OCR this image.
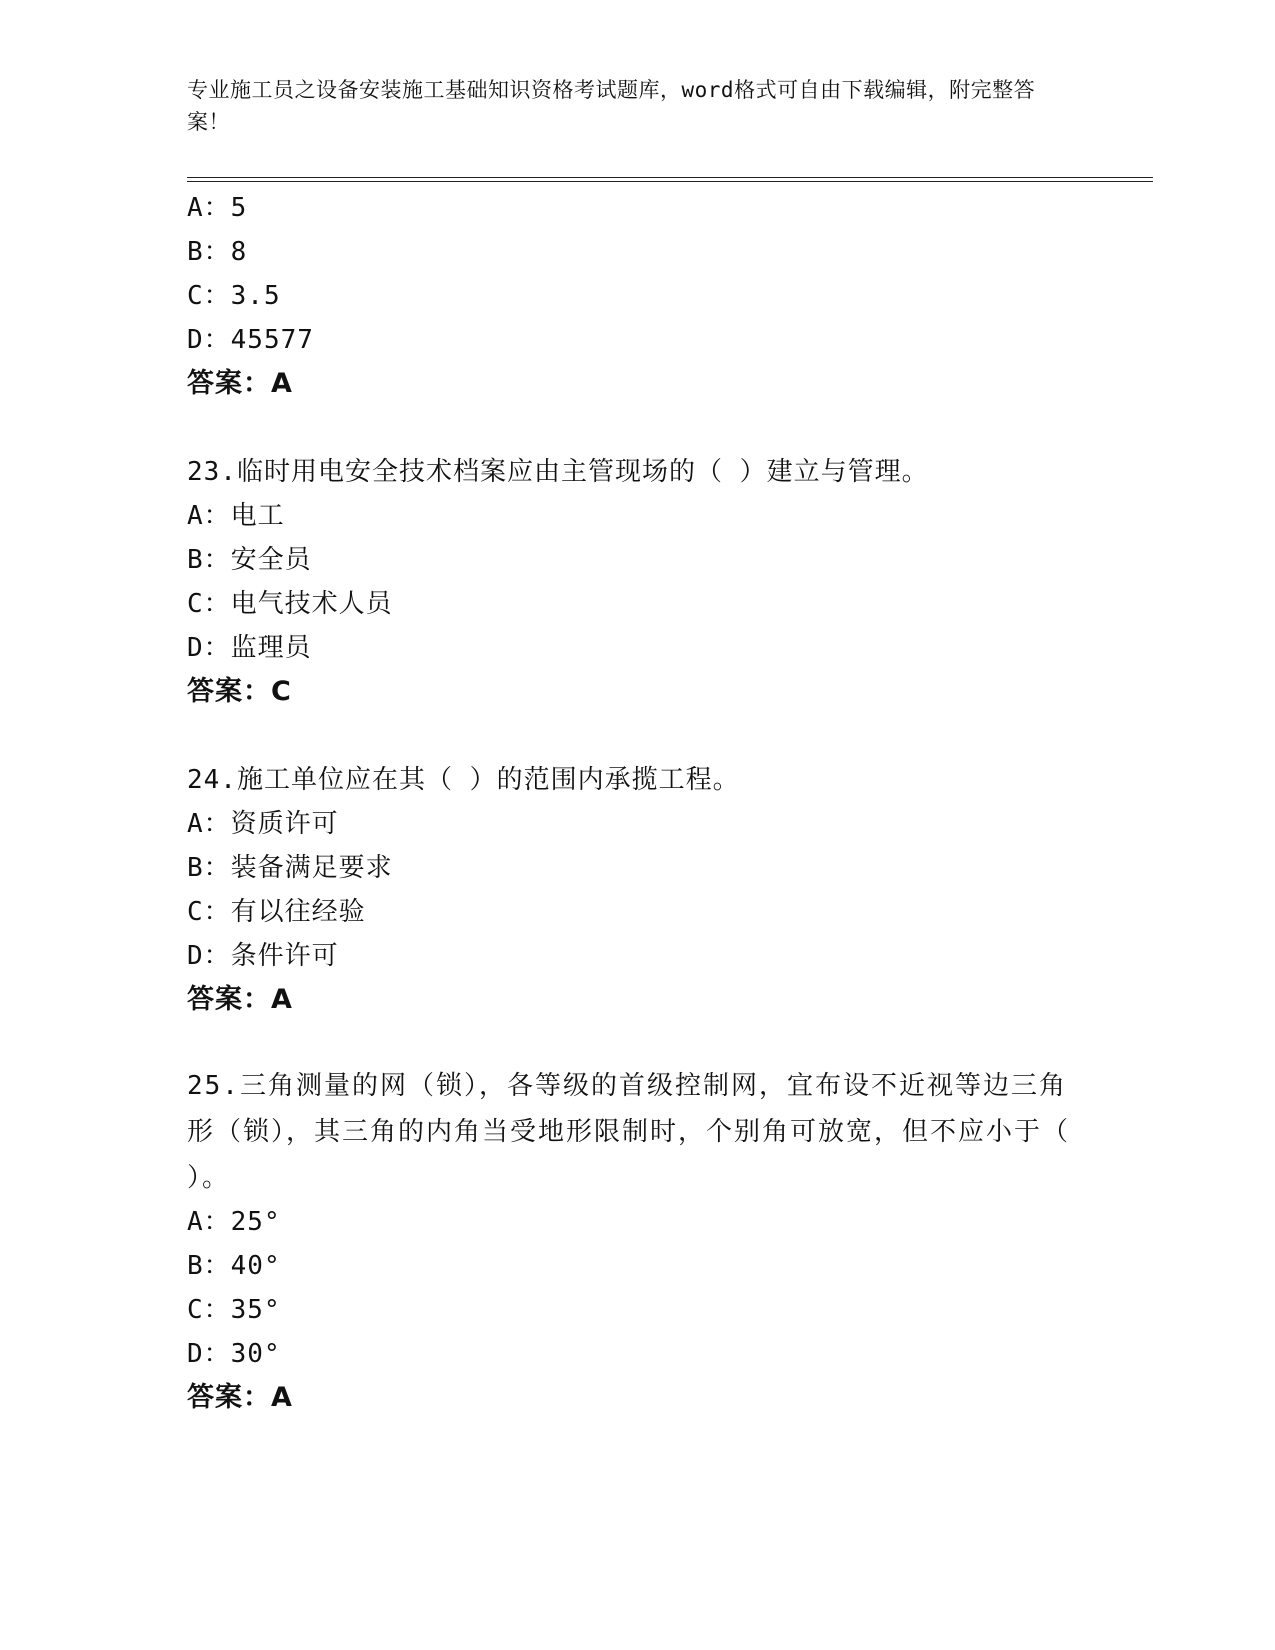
专业施工员之设备安装施工基础知识资格考试题库，word格式可自由下载编辑，附完整答案！
A：5
B：8
C：3.5
D：45577
答案：A
23.临时用电安全技术档案应由主管现场的（ ）建立与管理。
A：电工
B：安全员
C：电气技术人员
D：监理员
答案：C
24.施工单位应在其（ ）的范围内承揽工程。
A：资质许可
B：装备满足要求
C：有以往经验
D：条件许可
答案：A
25.三角测量的网（锁），各等级的首级控制网，宜布设不近视等边三角形（锁），其三角的内角当受地形限制时，个别角可放宽，但不应小于（ ）。
A：25°
B：40°
C：35°
D：30°
答案：A
